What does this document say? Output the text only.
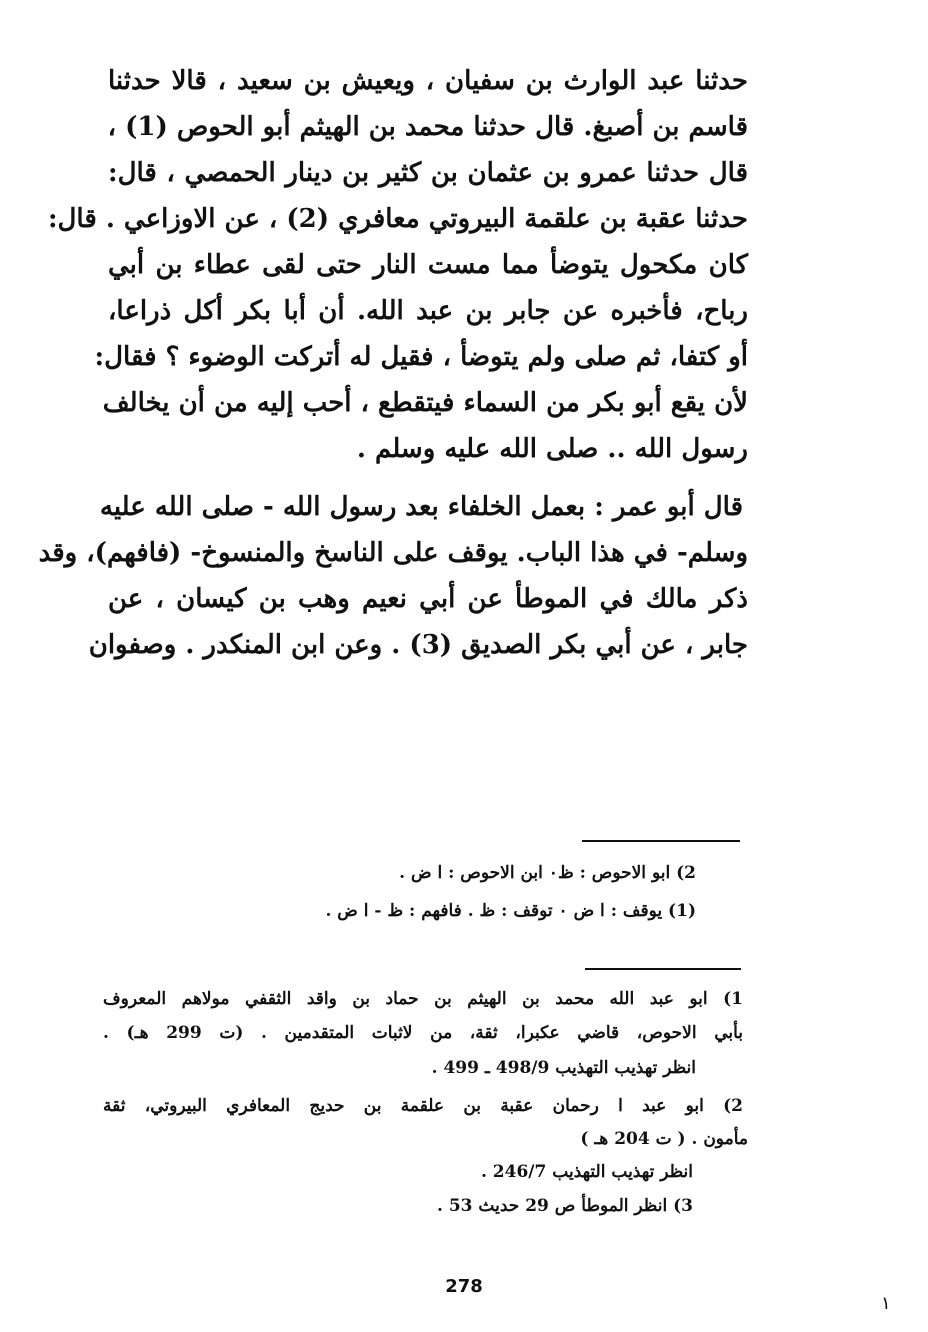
حدثنا عبد الوارث بن سفيان ، ويعيش بن سعيد ، قالا حدثنا
قاسم بن أصبغ. قال حدثنا محمد بن الهيثم أبو الحوص (1) ،
قال حدثنا عمرو بن عثمان بن كثير بن دينار الحمصي ، قال:
حدثنا عقبة بن علقمة البيروتي معافري (2) ، عن الاوزاعي . قال:
كان مكحول يتوضأ مما مست النار حتى لقى عطاء بن أبي
رباح، فأخبره عن جابر بن عبد الله. أن أبا بكر أكل ذراعا،
أو كتفا، ثم صلى ولم يتوضأ ، فقيل له أتركت الوضوء ؟ فقال:
لأن يقع أبو بكر من السماء فيتقطع ، أحب إليه من أن يخالف
رسول الله .. صلى الله عليه وسلم .
قال أبو عمر : بعمل الخلفاء بعد رسول الله - صلى الله عليه
وسلم- في هذا الباب. يوقف على الناسخ والمنسوخ- (فافهم)، وقد
ذكر مالك في الموطأ عن أبي نعيم وهب بن كيسان ، عن
جابر ، عن أبي بكر الصديق (3) . وعن ابن المنكدر . وصفوان
2) ابو الاحوص : ظ٠ ابن الاحوص : ا ض .
(1) يوقف : ا ض ٠ توقف : ظ . فافهم : ظ - ا ض .
1) ابو عبد الله محمد بن الهيثم بن حماد بن واقد الثقفي مولاهم المعروف
بأبي الاحوص، قاضي عكبرا، ثقة، من لاثبات المتقدمين . (ت 299 هـ) .
انظر تهذيب التهذيب 498/9 ـ 499 .
2) ابو عبد ا رحمان عقبة بن علقمة بن حديج المعافري البيروتي، ثقة
مأمون . ( ت 204 هـ )
انظر تهذيب التهذيب 246/7 .
3) انظر الموطأ ص 29 حديث 53 .
278
١
